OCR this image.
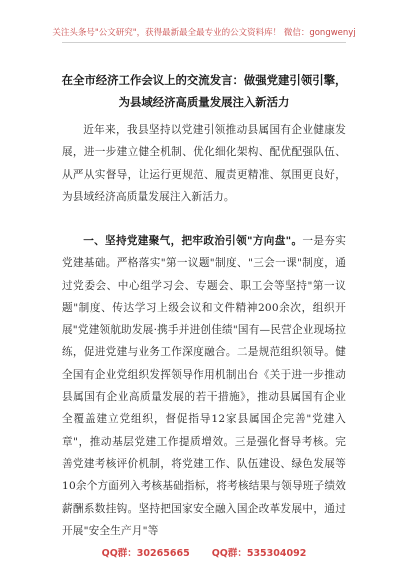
关注头条号"公文研究"，获得最新最全最专业的公文资料库！ 微信：gongwenyj
在全市经济工作会议上的交流发言：做强党建引领引擎，
为县域经济高质量发展注入新活力
近年来，我县坚持以党建引领推动县属国有企业健康发展，进一步建立健全机制、优化细化架构、配优配强队伍、从严从实督导，让运行更规范、履责更精准、氛围更良好，为县域经济高质量发展注入新活力。
一、坚持党建聚气，把牢政治引领"方向盘"。一是夯实党建基础。严格落实"第一议题"制度、"三会一课"制度，通过党委会、中心组学习会、专题会、职工会等坚持"第一议题"制度、传达学习上级会议和文件精神200余次，组织开展"党建领航助发展·携手并进创佳绩"国有—民营企业现场拉练，促进党建与业务工作深度融合。二是规范组织领导。健全国有企业党组织发挥领导作用机制出台《关于进一步推动县属国有企业高质量发展的若干措施》，推动县属国有企业全覆盖建立党组织，督促指导12家县属国企完善"党建入章"，推动基层党建工作提质增效。三是强化督导考核。完善党建考核评价机制，将党建工作、队伍建设、绿色发展等10余个方面列入考核基础指标，将考核结果与领导班子绩效薪酬系数挂钩。坚持把国家安全融入国企改革发展中，通过开展"安全生产月"等
QQ群：30265665 QQ群：535304092
